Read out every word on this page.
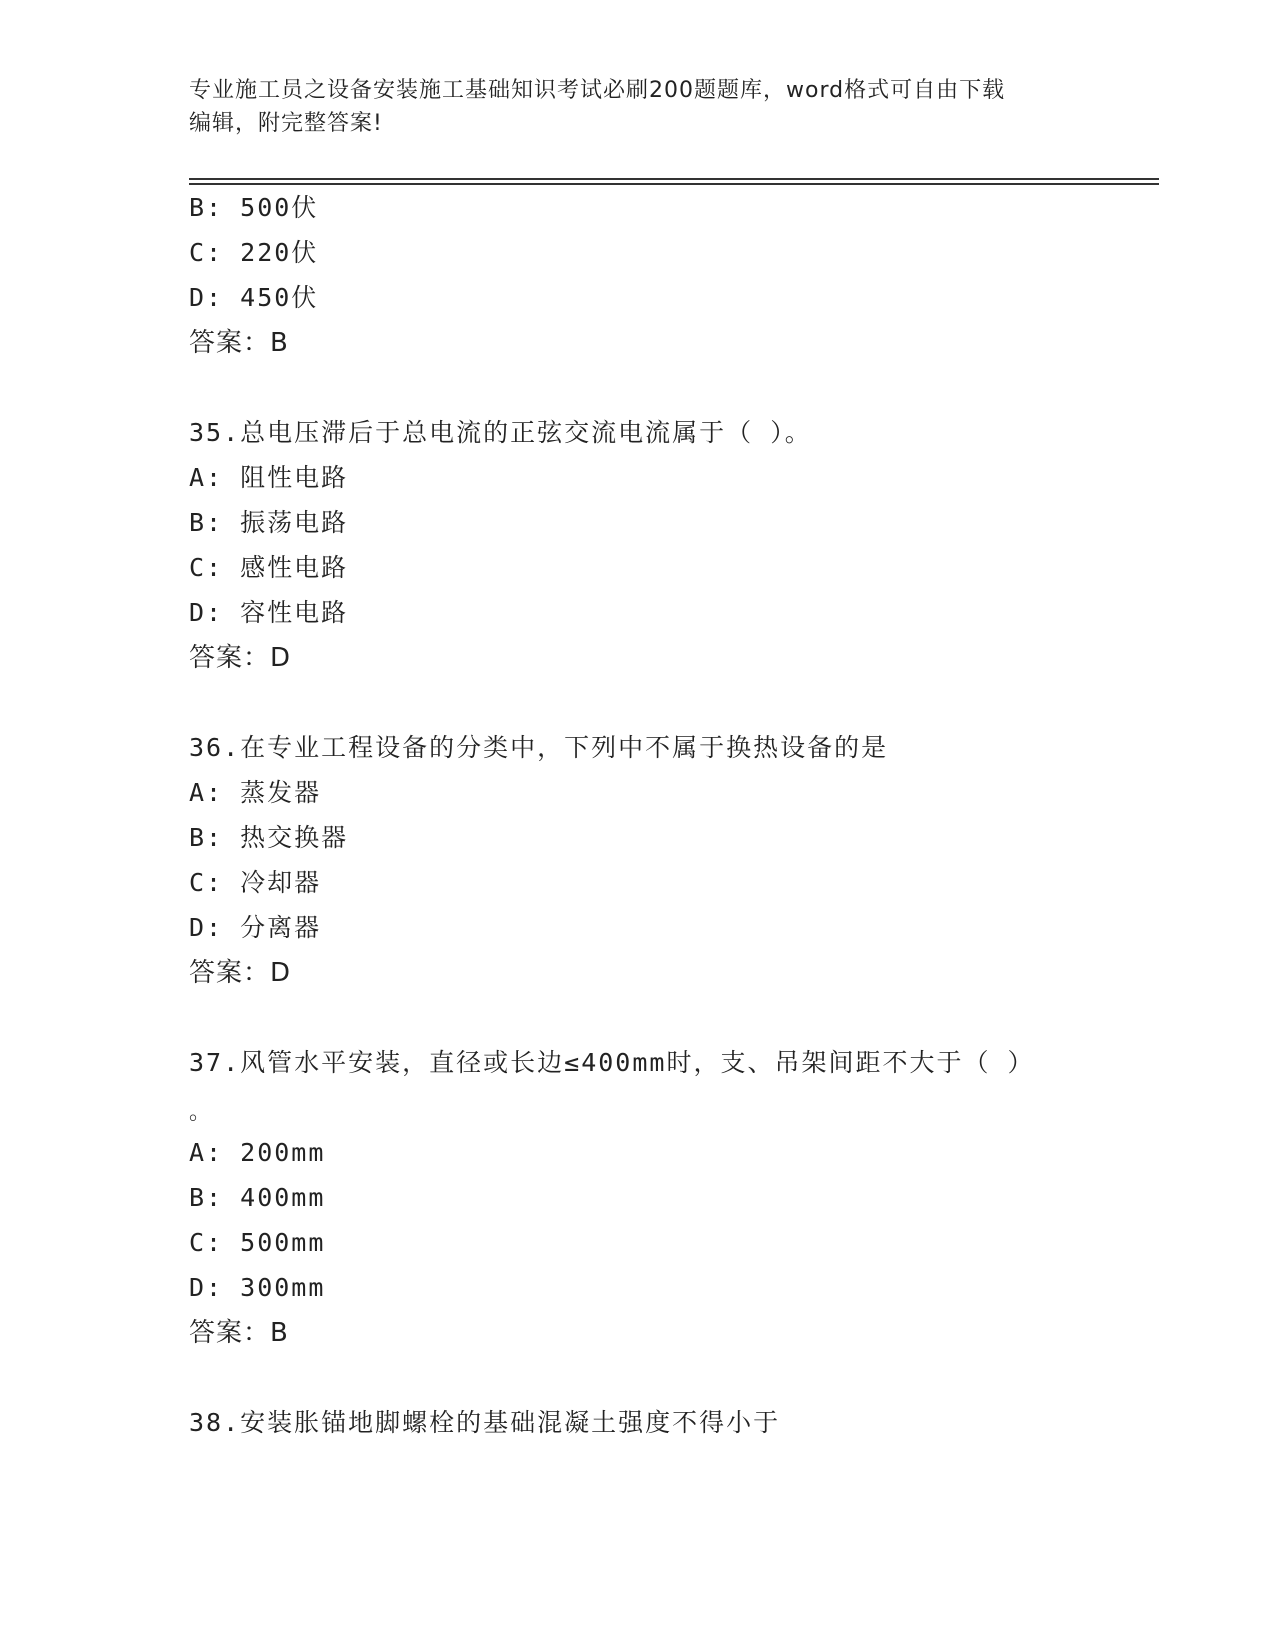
专业施工员之设备安装施工基础知识考试必刷200题题库，word格式可自由下载
编辑，附完整答案!
B: 500伏
C: 220伏
D: 450伏
答案：B
35.总电压滞后于总电流的正弦交流电流属于（ ）。
A: 阻性电路
B: 振荡电路
C: 感性电路
D: 容性电路
答案：D
36.在专业工程设备的分类中，下列中不属于换热设备的是
A: 蒸发器
B: 热交换器
C: 冷却器
D: 分离器
答案：D
37.风管水平安装，直径或长边≤400mm时，支、吊架间距不大于（ ）
。
A: 200mm
B: 400mm
C: 500mm
D: 300mm
答案：B
38.安装胀锚地脚螺栓的基础混凝土强度不得小于
